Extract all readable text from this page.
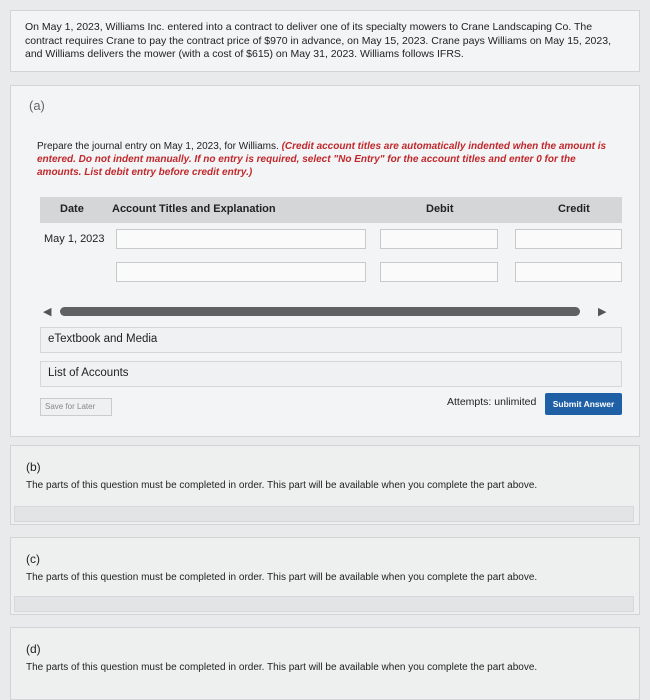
On May 1, 2023, Williams Inc. entered into a contract to deliver one of its specialty mowers to Crane Landscaping Co. The contract requires Crane to pay the contract price of $970 in advance, on May 15, 2023. Crane pays Williams on May 15, 2023, and Williams delivers the mower (with a cost of $615) on May 31, 2023. Williams follows IFRS.
(a)
Prepare the journal entry on May 1, 2023, for Williams. (Credit account titles are automatically indented when the amount is entered. Do not indent manually. If no entry is required, select "No Entry" for the account titles and enter 0 for the amounts. List debit entry before credit entry.)
Date	Account Titles and Explanation	Debit	Credit
May 1, 2023
◀	▶
eTextbook and Media
List of Accounts
Save for Later	Attempts: unlimited	Submit Answer
(b)
The parts of this question must be completed in order. This part will be available when you complete the part above.
(c)
The parts of this question must be completed in order. This part will be available when you complete the part above.
(d)
The parts of this question must be completed in order. This part will be available when you complete the part above.
